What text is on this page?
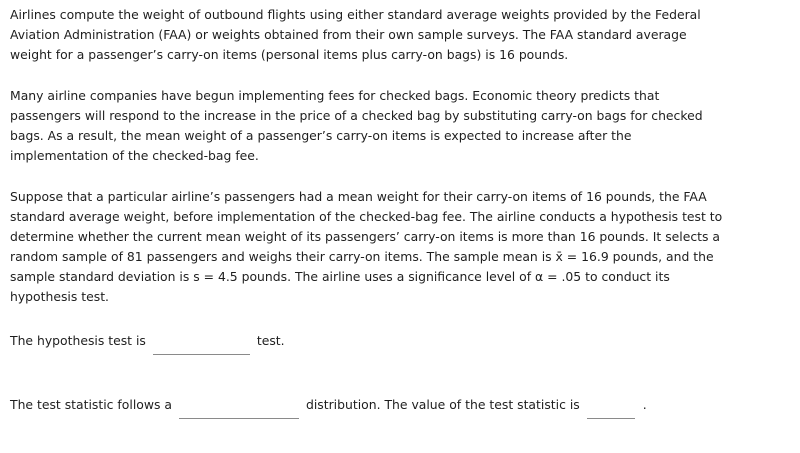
Airlines compute the weight of outbound flights using either standard average weights provided by the Federal Aviation Administration (FAA) or weights obtained from their own sample surveys. The FAA standard average weight for a passenger’s carry-on items (personal items plus carry-on bags) is 16 pounds.

Many airline companies have begun implementing fees for checked bags. Economic theory predicts that passengers will respond to the increase in the price of a checked bag by substituting carry-on bags for checked bags. As a result, the mean weight of a passenger’s carry-on items is expected to increase after the implementation of the checked-bag fee.

Suppose that a particular airline’s passengers had a mean weight for their carry-on items of 16 pounds, the FAA standard average weight, before implementation of the checked-bag fee. The airline conducts a hypothesis test to determine whether the current mean weight of its passengers’ carry-on items is more than 16 pounds. It selects a random sample of 81 passengers and weighs their carry-on items. The sample mean is x̄ = 16.9 pounds, and the sample standard deviation is s = 4.5 pounds. The airline uses a significance level of α = .05 to conduct its hypothesis test.

The hypothesis test is	test.
The test statistic follows a	distribution. The value of the test statistic is	.
